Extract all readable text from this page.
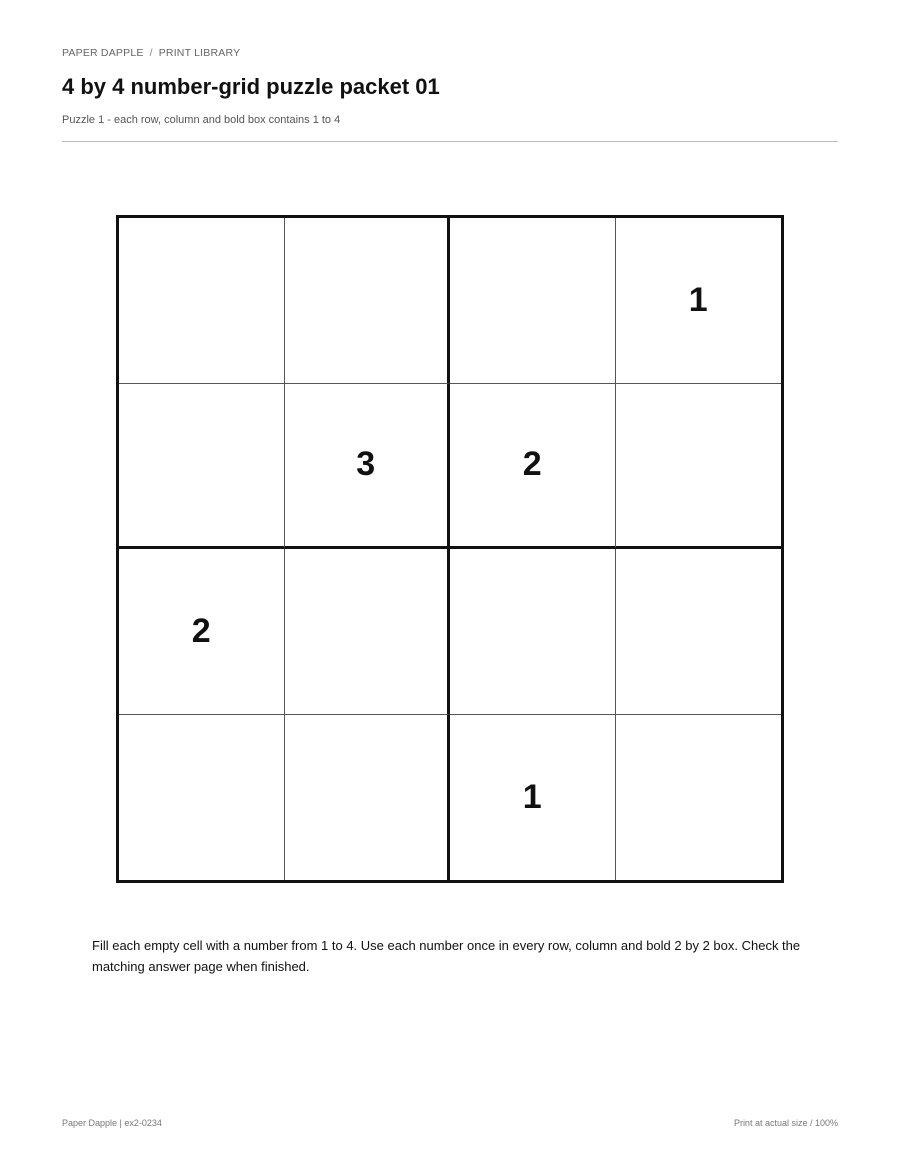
PAPER DAPPLE / PRINT LIBRARY
4 by 4 number-grid puzzle packet 01
Puzzle 1 - each row, column and bold box contains 1 to 4
1
3	2
2
1

Fill each empty cell with a number from 1 to 4. Use each number once in every row, column and bold 2 by 2 box. Check the matching answer page when finished.

Paper Dapple | ex2-0234	Print at actual size / 100%
